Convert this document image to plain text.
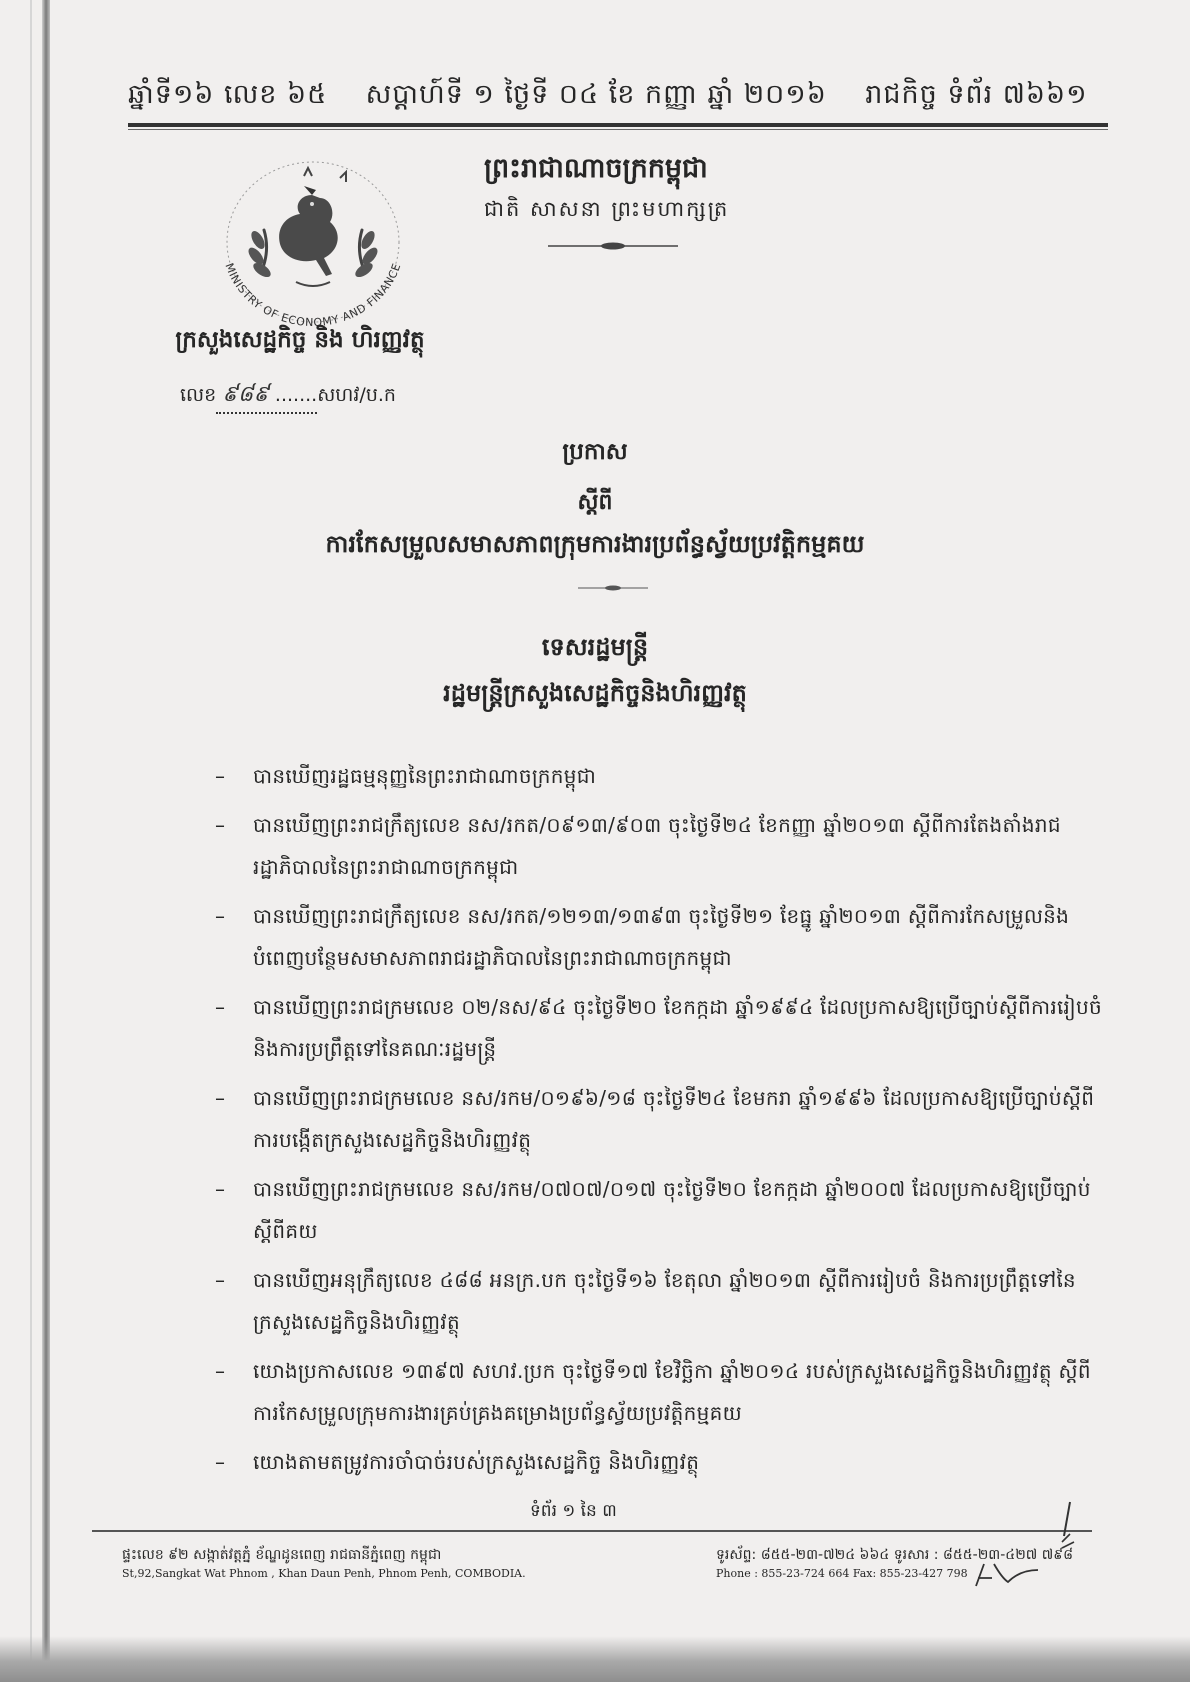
ឆ្នាំទី១៦ លេខ ៦៥ សប្តាហ៍ទី ១ ថ្ងៃទី ០៤ ខែ កញ្ញា ឆ្នាំ ២០១៦ រាជកិច្ច ទំព័រ ៧៦៦១
MINISTRY OF ECONOMY AND FINANCE
ក្រសួងសេដ្ឋកិច្ច និង ហិរញ្ញវត្ថុ
លេខ ៩៨៩ .......សហវ/ប.ក
ព្រះរាជាណាចក្រកម្ពុជា
ជាតិ សាសនា ព្រះមហាក្សត្រ
ប្រកាស
ស្តីពី
ការកែសម្រួលសមាសភាពក្រុមការងារប្រព័ន្ធស្វ័យប្រវត្តិកម្មគយ
ទេសរដ្ឋមន្ត្រី
រដ្ឋមន្ត្រីក្រសួងសេដ្ឋកិច្ចនិងហិរញ្ញវត្ថុ
– បានឃើញរដ្ឋធម្មនុញ្ញនៃព្រះរាជាណាចក្រកម្ពុជា
– បានឃើញព្រះរាជក្រឹត្យលេខ នស/រកត/០៩១៣/៩០៣ ចុះថ្ងៃទី២៤ ខែកញ្ញា ឆ្នាំ២០១៣ ស្តីពីការតែងតាំងរាជរដ្ឋាភិបាលនៃព្រះរាជាណាចក្រកម្ពុជា
– បានឃើញព្រះរាជក្រឹត្យលេខ នស/រកត/១២១៣/១៣៩៣ ចុះថ្ងៃទី២១ ខែធ្នូ ឆ្នាំ២០១៣ ស្តីពីការកែសម្រួលនិងបំពេញបន្ថែមសមាសភាពរាជរដ្ឋាភិបាលនៃព្រះរាជាណាចក្រកម្ពុជា
– បានឃើញព្រះរាជក្រមលេខ ០២/នស/៩៤ ចុះថ្ងៃទី២០ ខែកក្កដា ឆ្នាំ១៩៩៤ ដែលប្រកាសឱ្យប្រើច្បាប់ស្តីពីការរៀបចំនិងការប្រព្រឹត្តទៅនៃគណៈរដ្ឋមន្ត្រី
– បានឃើញព្រះរាជក្រមលេខ នស/រកម/០១៩៦/១៨ ចុះថ្ងៃទី២៤ ខែមករា ឆ្នាំ១៩៩៦ ដែលប្រកាសឱ្យប្រើច្បាប់ស្តីពីការបង្កើតក្រសួងសេដ្ឋកិច្ចនិងហិរញ្ញវត្ថុ
– បានឃើញព្រះរាជក្រមលេខ នស/រកម/០៧០៧/០១៧ ចុះថ្ងៃទី២០ ខែកក្កដា ឆ្នាំ២០០៧ ដែលប្រកាសឱ្យប្រើច្បាប់ស្តីពីគយ
– បានឃើញអនុក្រឹត្យលេខ ៤៨៨ អនក្រ.បក ចុះថ្ងៃទី១៦ ខែតុលា ឆ្នាំ២០១៣ ស្តីពីការរៀបចំ និងការប្រព្រឹត្តទៅនៃក្រសួងសេដ្ឋកិច្ចនិងហិរញ្ញវត្ថុ
– យោងប្រកាសលេខ ១៣៩៧ សហវ.ប្រក ចុះថ្ងៃទី១៧ ខែវិច្ឆិកា ឆ្នាំ២០១៤ របស់ក្រសួងសេដ្ឋកិច្ចនិងហិរញ្ញវត្ថុ ស្តីពីការកែសម្រួលក្រុមការងារគ្រប់គ្រងគម្រោងប្រព័ន្ធស្វ័យប្រវត្តិកម្មគយ
– យោងតាមតម្រូវការចាំបាច់របស់ក្រសួងសេដ្ឋកិច្ច និងហិរញ្ញវត្ថុ
ទំព័រ ១ នៃ ៣
ផ្ទះលេខ ៩២ សង្កាត់វត្តភ្នំ ខ័ណ្ឌដូនពេញ រាជធានីភ្នំពេញ កម្ពុជា
St,92,Sangkat Wat Phnom , Khan Daun Penh, Phnom Penh, COMBODIA.
ទូរស័ព្ទ: ៨៥៥-២៣-៧២៤ ៦៦៤ ទូរសារ : ៨៥៥-២៣-៤២៧ ៧៩៨
Phone : 855-23-724 664 Fax: 855-23-427 798
